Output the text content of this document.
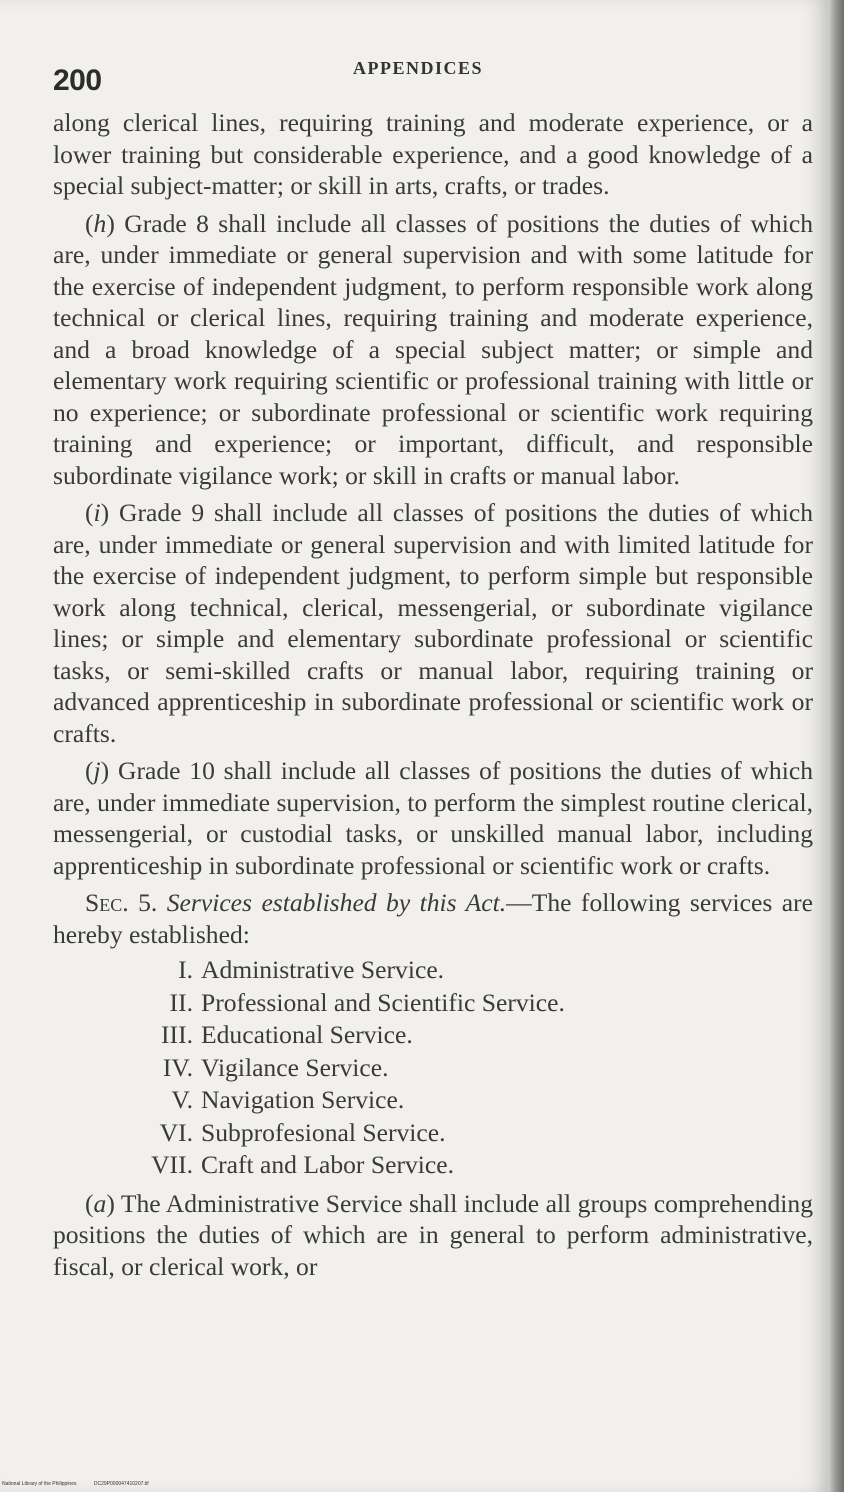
200	APPENDICES

along clerical lines, requiring training and moderate experience, or a lower training but considerable experience, and a good knowledge of a special subject-matter; or skill in arts, crafts, or trades.

(h) Grade 8 shall include all classes of positions the duties of which are, under immediate or general supervision and with some latitude for the exercise of independent judgment, to perform responsible work along technical or clerical lines, requiring training and moderate experience, and a broad knowledge of a special subject matter; or simple and elementary work requiring scientific or professional training with little or no experience; or subordinate professional or scientific work requiring training and experience; or important, difficult, and responsible subordinate vigilance work; or skill in crafts or manual labor.

(i) Grade 9 shall include all classes of positions the duties of which are, under immediate or general supervision and with limited latitude for the exercise of independent judgment, to perform simple but responsible work along technical, clerical, messengerial, or subordinate vigilance lines; or simple and elementary subordinate professional or scientific tasks, or semi-skilled crafts or manual labor, requiring training or advanced apprenticeship in subordinate professional or scientific work or crafts.

(j) Grade 10 shall include all classes of positions the duties of which are, under immediate supervision, to perform the simplest routine clerical, messengerial, or custodial tasks, or unskilled manual labor, including apprenticeship in subordinate professional or scientific work or crafts.

Sec. 5. Services established by this Act.—The following services are hereby established:

I. Administrative Service.
II. Professional and Scientific Service.
III. Educational Service.
IV. Vigilance Service.
V. Navigation Service.
VI. Subprofesional Service.
VII. Craft and Labor Service.

(a) The Administrative Service shall include all groups comprehending positions the duties of which are in general to perform administrative, fiscal, or clerical work, or

National Library of the Philippines	DC29P000047410207.tif
